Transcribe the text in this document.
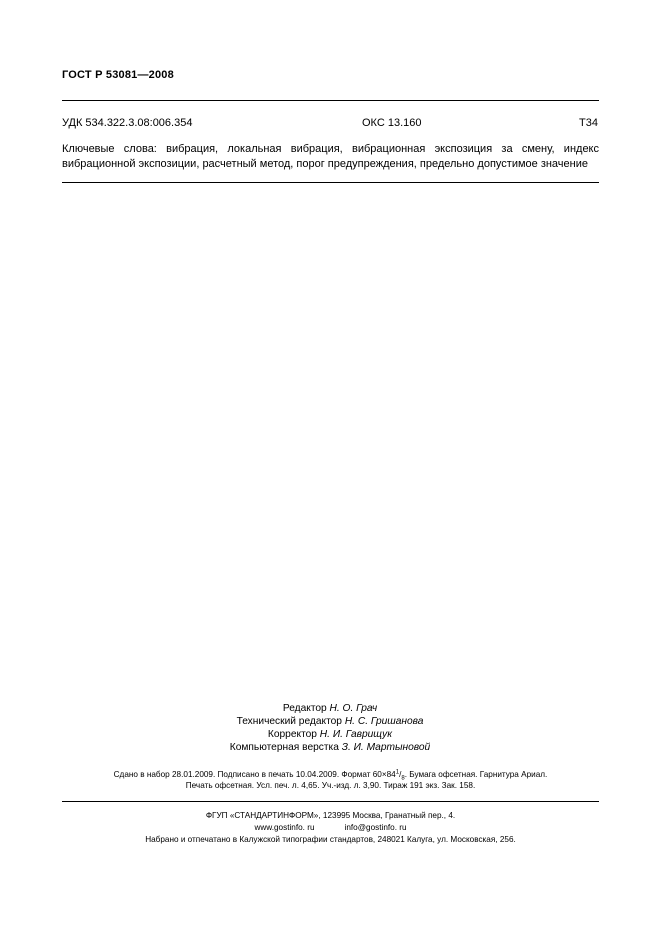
ГОСТ Р 53081—2008
УДК 534.322.3.08:006.354	ОКС 13.160	Т34
Ключевые слова: вибрация, локальная вибрация, вибрационная экспозиция за смену, индекс вибрационной экспозиции, расчетный метод, порог предупреждения, предельно допустимое значение
Редактор Н. О. Грач
Технический редактор Н. С. Гришанова
Корректор Н. И. Гаврищук
Компьютерная верстка З. И. Мартыновой
Сдано в набор 28.01.2009. Подписано в печать 10.04.2009. Формат $60\times 84^1/_8$. Бумага офсетная. Гарнитура Ариал.
Печать офсетная. Усл. печ. л. 4,65. Уч.-изд. л. 3,90. Тираж 191 экз. Зак. 158.
ФГУП «СТАНДАРТИНФОРМ», 123995 Москва, Гранатный пер., 4.
www.gostinfo. ru	info@gostinfo. ru
Набрано и отпечатано в Калужской типографии стандартов, 248021 Калуга, ул. Московская, 256.
